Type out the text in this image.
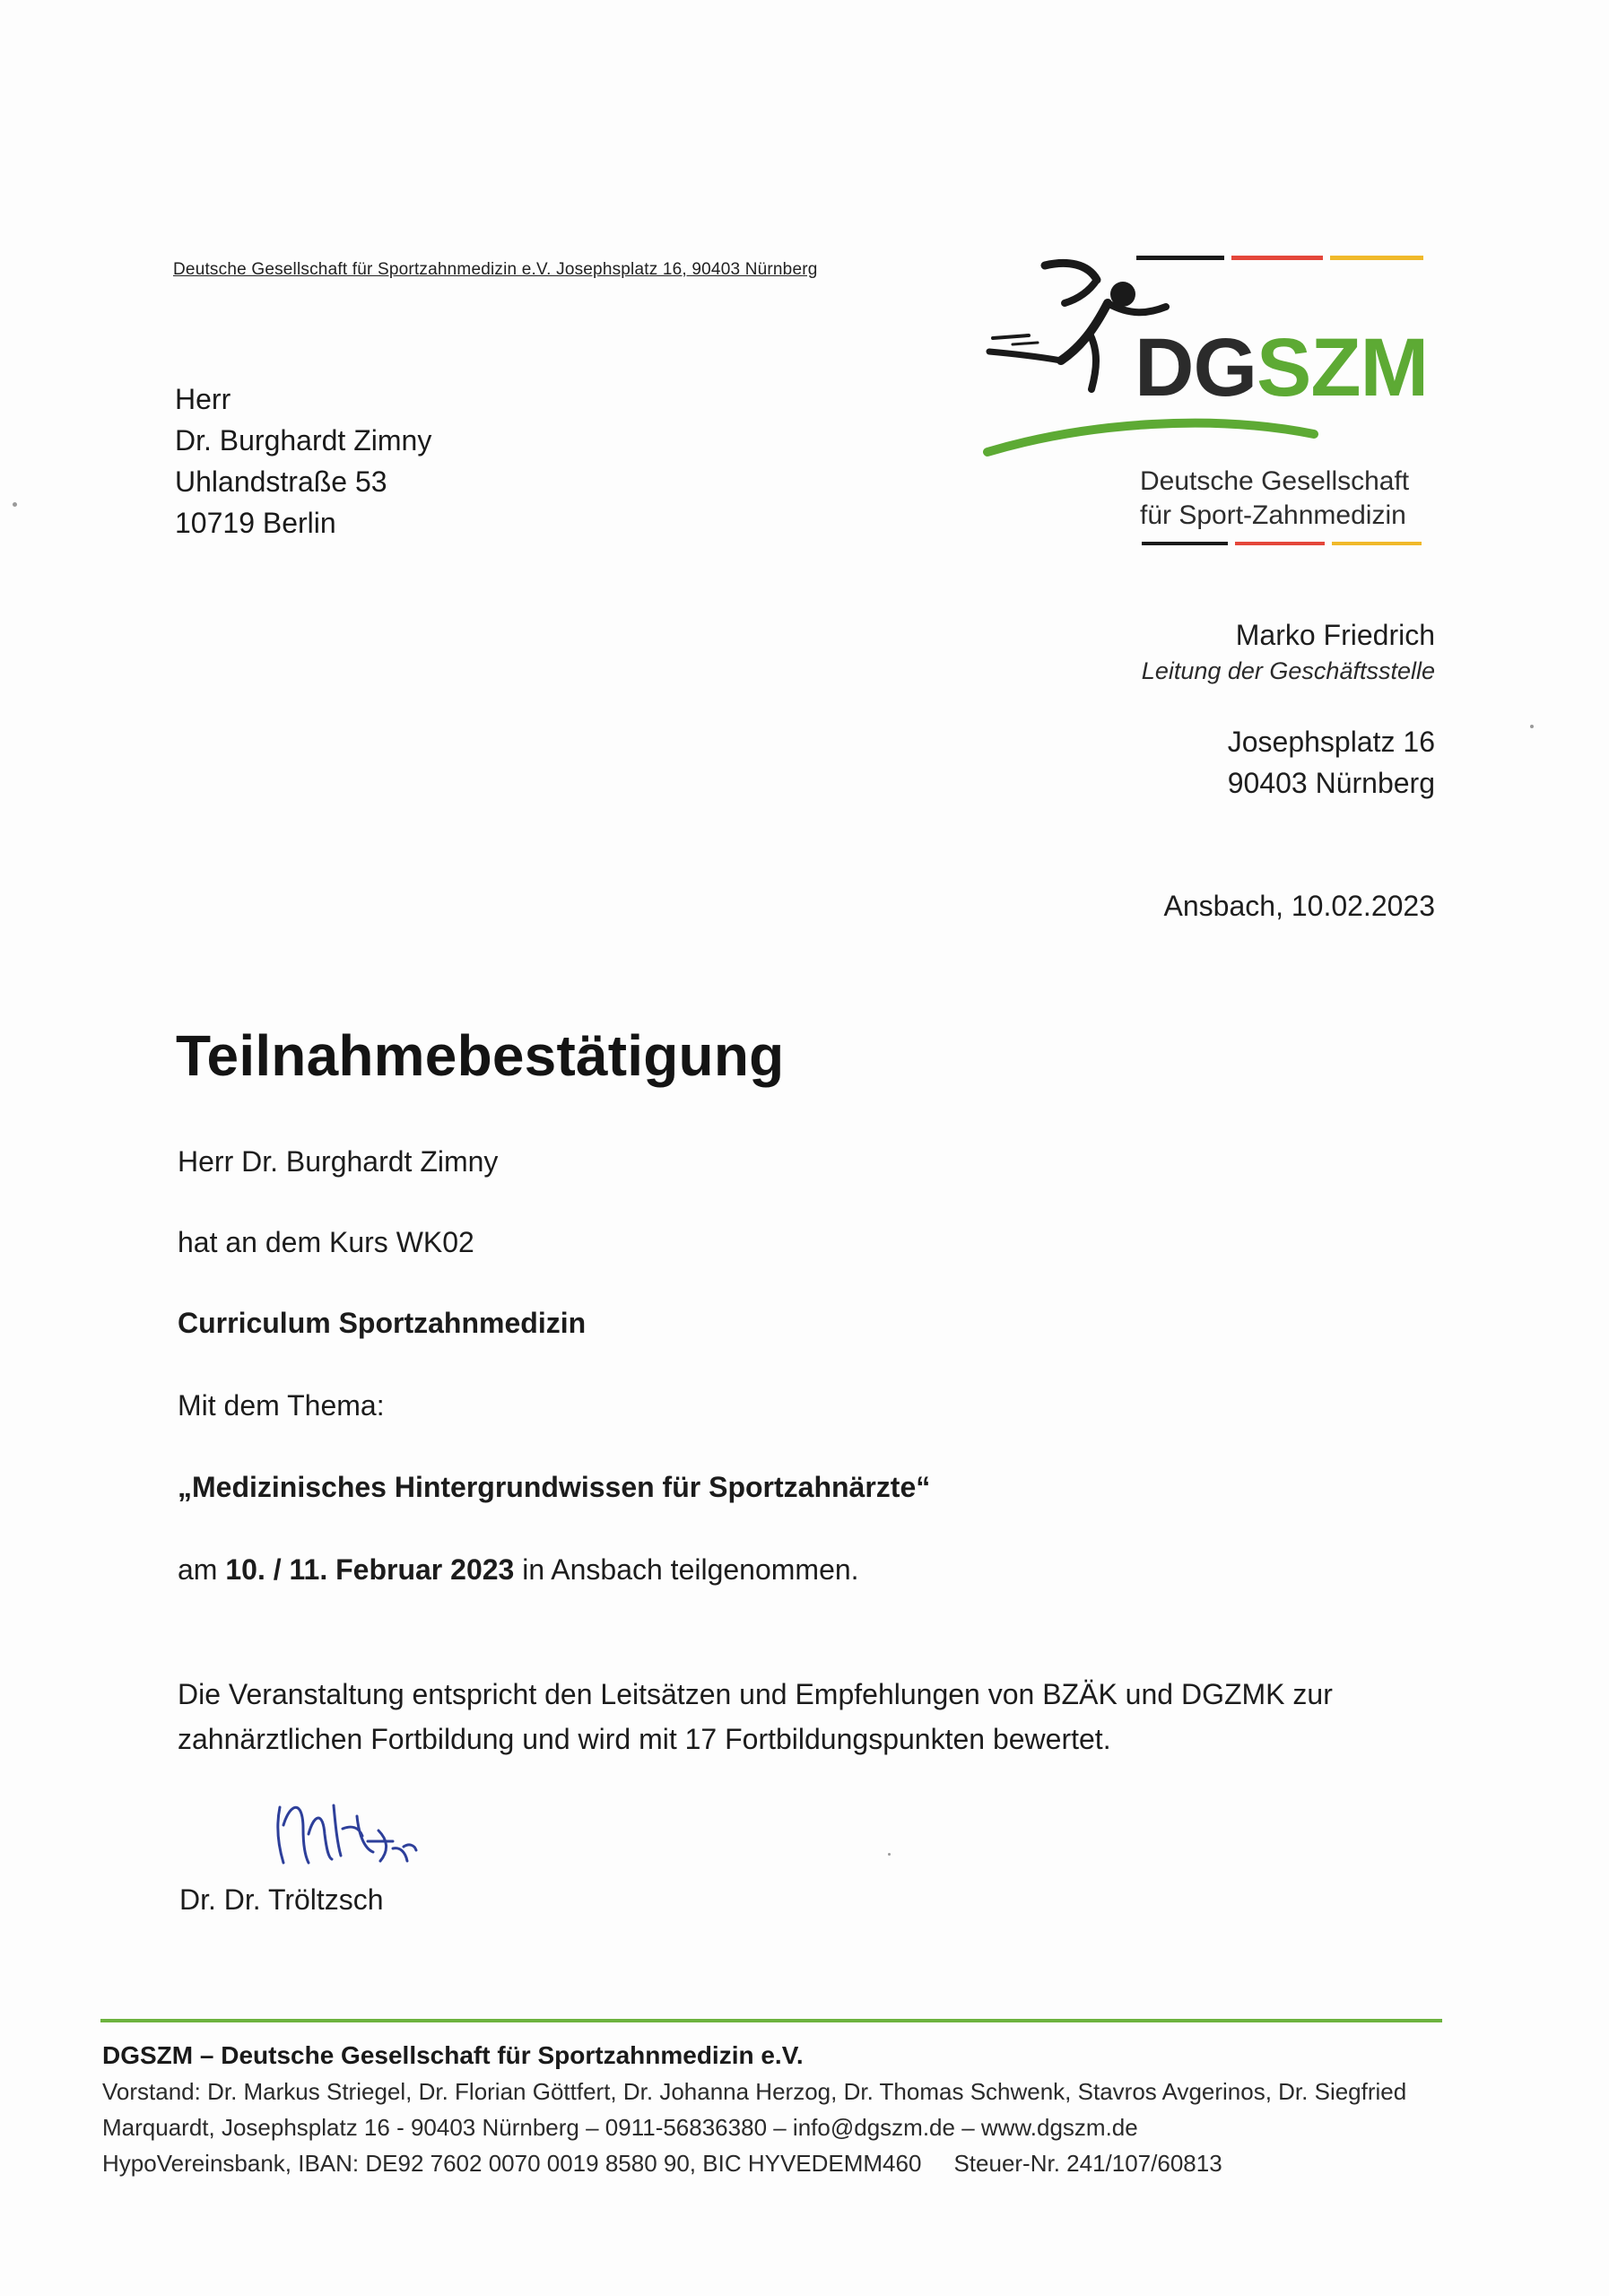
Deutsche Gesellschaft für Sportzahnmedizin e.V. Josephsplatz 16, 90403 Nürnberg
Herr
Dr. Burghardt Zimny
Uhlandstraße 53
10719 Berlin
DGSZM
Deutsche Gesellschaft
für Sport-Zahnmedizin
Marko Friedrich
Leitung der Geschäftsstelle
Josephsplatz 16
90403 Nürnberg
Ansbach, 10.02.2023
Teilnahmebestätigung
Herr Dr. Burghardt Zimny
hat an dem Kurs WK02
Curriculum Sportzahnmedizin
Mit dem Thema:
„Medizinisches Hintergrundwissen für Sportzahnärzte“
am 10. / 11. Februar 2023 in Ansbach teilgenommen.
Die Veranstaltung entspricht den Leitsätzen und Empfehlungen von BZÄK und DGZMK zur
zahnärztlichen Fortbildung und wird mit 17 Fortbildungspunkten bewertet.
Dr. Dr. Tröltzsch
DGSZM – Deutsche Gesellschaft für Sportzahnmedizin e.V.
Vorstand: Dr. Markus Striegel, Dr. Florian Göttfert, Dr. Johanna Herzog, Dr. Thomas Schwenk, Stavros Avgerinos, Dr. Siegfried
Marquardt, Josephsplatz 16 - 90403 Nürnberg – 0911-56836380 – info@dgszm.de – www.dgszm.de
HypoVereinsbank, IBAN: DE92 7602 0070 0019 8580 90, BIC HYVEDEMM460 Steuer-Nr. 241/107/60813
